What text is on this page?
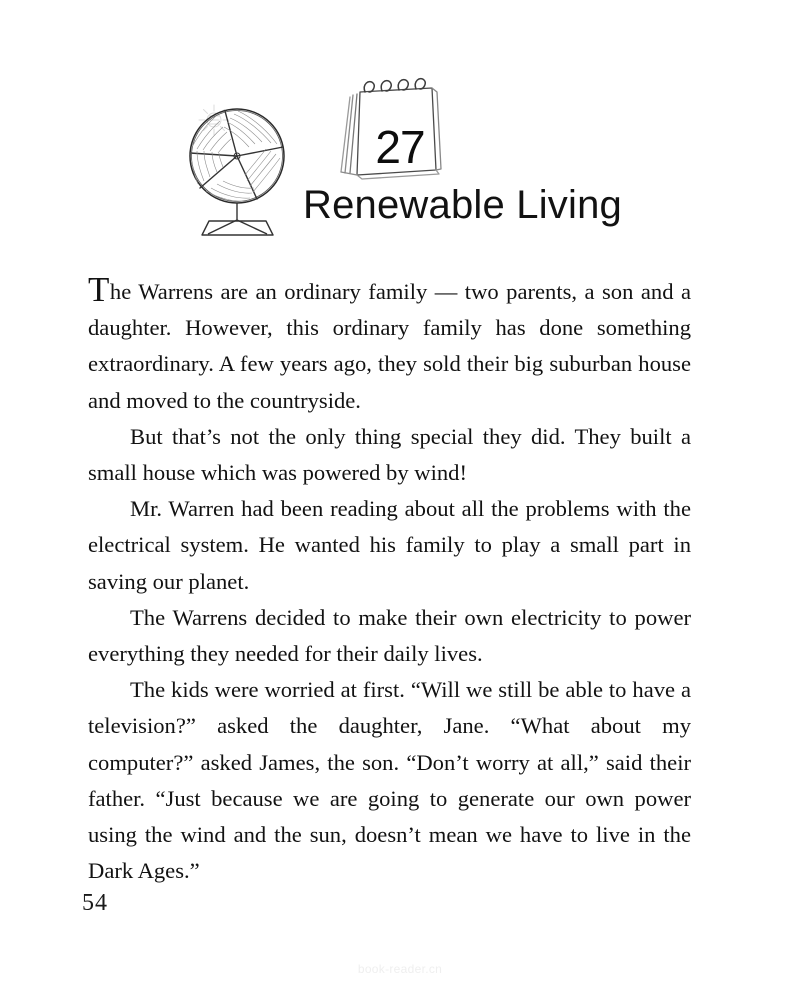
27
Renewable Living

The Warrens are an ordinary family — two parents, a son and a daughter. However, this ordinary family has done something extraordinary. A few years ago, they sold their big suburban house and moved to the countryside.

But that’s not the only thing special they did. They built a small house which was powered by wind!

Mr. Warren had been reading about all the problems with the electrical system. He wanted his family to play a small part in saving our planet.

The Warrens decided to make their own electricity to power everything they needed for their daily lives.

The kids were worried at first. “Will we still be able to have a television?” asked the daughter, Jane. “What about my computer?” asked James, the son. “Don’t worry at all,” said their father. “Just because we are going to generate our own power using the wind and the sun, doesn’t mean we have to live in the Dark Ages.”

54
book-reader.cn
